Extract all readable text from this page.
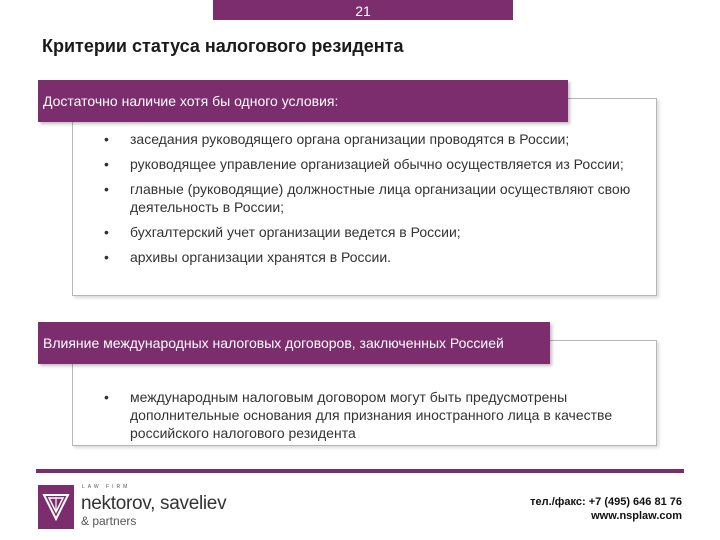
21
Критерии статуса налогового резидента
Достаточно наличие хотя бы одного условия:
• заседания руководящего органа организации проводятся в России;
• руководящее управление организацией обычно осуществляется из России;
• главные (руководящие) должностные лица организации осуществляют свою деятельность в России;
• бухгалтерский учет организации ведется в России;
• архивы организации хранятся в России.
Влияние международных налоговых договоров, заключенных Россией
• международным налоговым договором могут быть предусмотрены дополнительные основания для признания иностранного лица в качестве российского налогового резидента
LAW FIRM
nektorov, saveliev
& partners
тел./факс: +7 (495) 646 81 76
www.nsplaw.com
